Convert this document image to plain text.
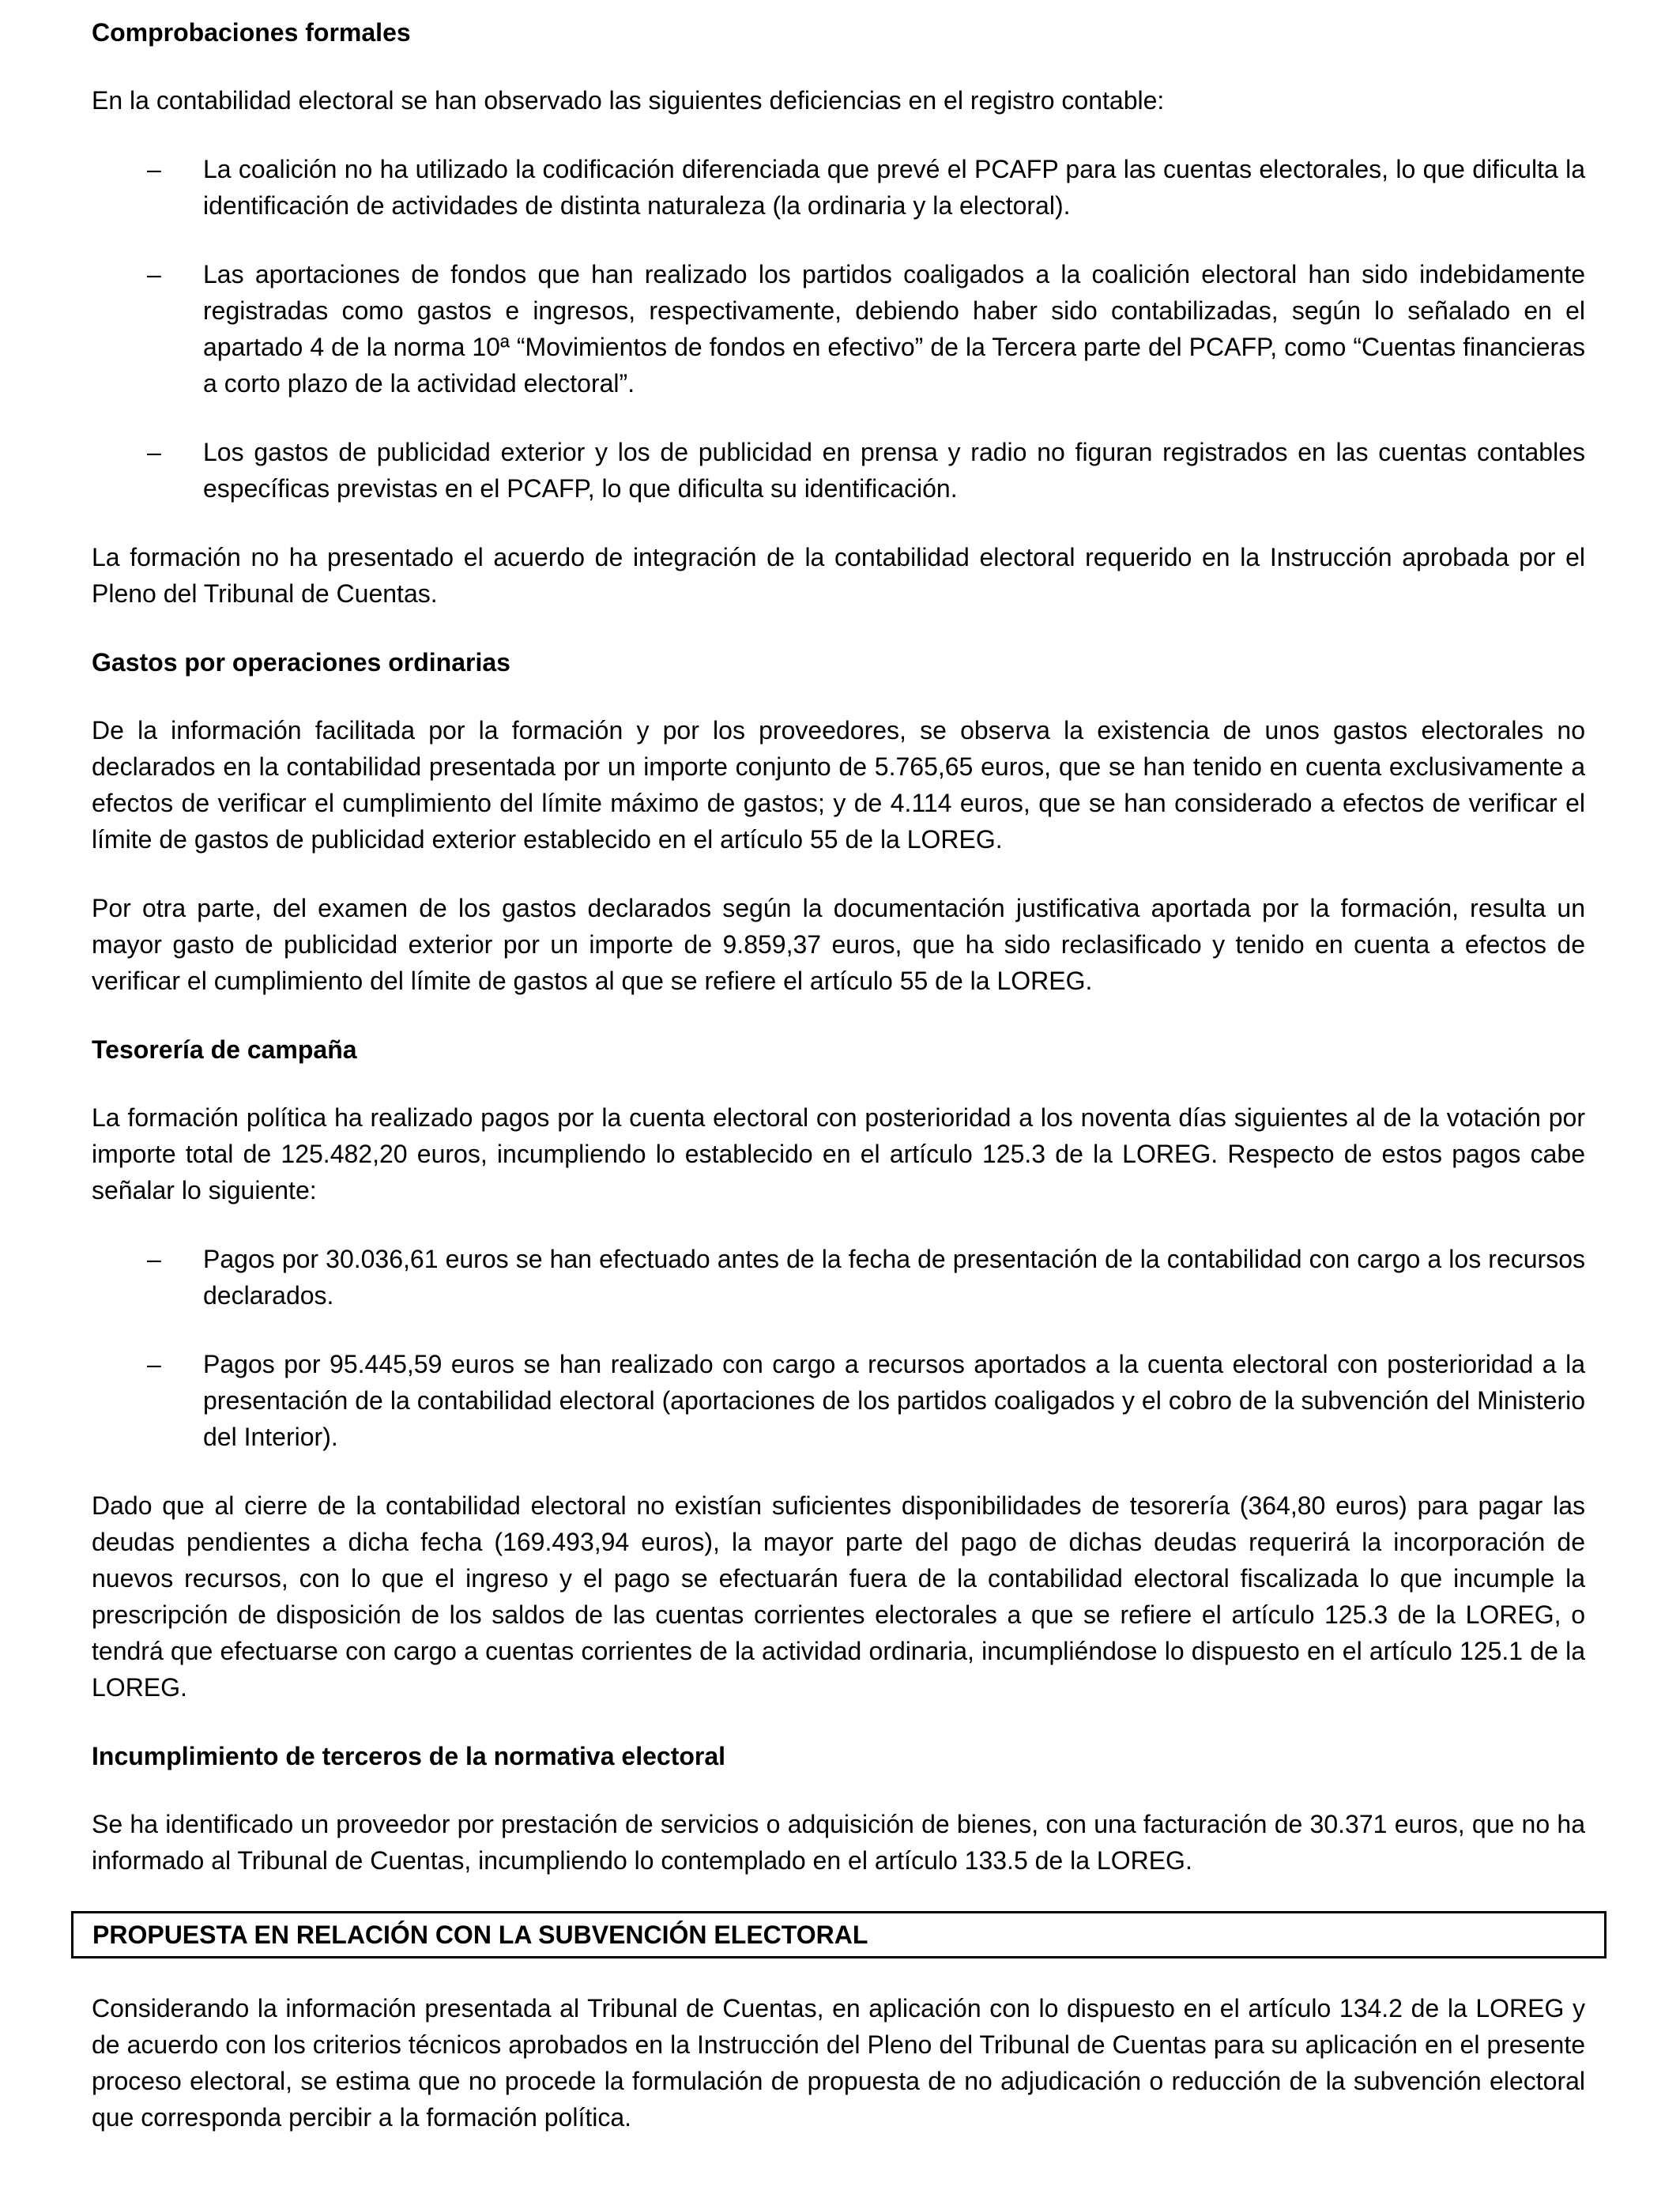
Comprobaciones formales
En la contabilidad electoral se han observado las siguientes deficiencias en el registro contable:
– La coalición no ha utilizado la codificación diferenciada que prevé el PCAFP para las cuentas electorales, lo que dificulta la identificación de actividades de distinta naturaleza (la ordinaria y la electoral).
– Las aportaciones de fondos que han realizado los partidos coaligados a la coalición electoral han sido indebidamente registradas como gastos e ingresos, respectivamente, debiendo haber sido contabilizadas, según lo señalado en el apartado 4 de la norma 10ª “Movimientos de fondos en efectivo” de la Tercera parte del PCAFP, como “Cuentas financieras a corto plazo de la actividad electoral”.
– Los gastos de publicidad exterior y los de publicidad en prensa y radio no figuran registrados en las cuentas contables específicas previstas en el PCAFP, lo que dificulta su identificación.
La formación no ha presentado el acuerdo de integración de la contabilidad electoral requerido en la Instrucción aprobada por el Pleno del Tribunal de Cuentas.
Gastos por operaciones ordinarias
De la información facilitada por la formación y por los proveedores, se observa la existencia de unos gastos electorales no declarados en la contabilidad presentada por un importe conjunto de 5.765,65 euros, que se han tenido en cuenta exclusivamente a efectos de verificar el cumplimiento del límite máximo de gastos; y de 4.114 euros, que se han considerado a efectos de verificar el límite de gastos de publicidad exterior establecido en el artículo 55 de la LOREG.
Por otra parte, del examen de los gastos declarados según la documentación justificativa aportada por la formación, resulta un mayor gasto de publicidad exterior por un importe de 9.859,37 euros, que ha sido reclasificado y tenido en cuenta a efectos de verificar el cumplimiento del límite de gastos al que se refiere el artículo 55 de la LOREG.
Tesorería de campaña
La formación política ha realizado pagos por la cuenta electoral con posterioridad a los noventa días siguientes al de la votación por importe total de 125.482,20 euros, incumpliendo lo establecido en el artículo 125.3 de la LOREG. Respecto de estos pagos cabe señalar lo siguiente:
– Pagos por 30.036,61 euros se han efectuado antes de la fecha de presentación de la contabilidad con cargo a los recursos declarados.
– Pagos por 95.445,59 euros se han realizado con cargo a recursos aportados a la cuenta electoral con posterioridad a la presentación de la contabilidad electoral (aportaciones de los partidos coaligados y el cobro de la subvención del Ministerio del Interior).
Dado que al cierre de la contabilidad electoral no existían suficientes disponibilidades de tesorería (364,80 euros) para pagar las deudas pendientes a dicha fecha (169.493,94 euros), la mayor parte del pago de dichas deudas requerirá la incorporación de nuevos recursos, con lo que el ingreso y el pago se efectuarán fuera de la contabilidad electoral fiscalizada lo que incumple la prescripción de disposición de los saldos de las cuentas corrientes electorales a que se refiere el artículo 125.3 de la LOREG, o tendrá que efectuarse con cargo a cuentas corrientes de la actividad ordinaria, incumpliéndose lo dispuesto en el artículo 125.1 de la LOREG.
Incumplimiento de terceros de la normativa electoral
Se ha identificado un proveedor por prestación de servicios o adquisición de bienes, con una facturación de 30.371 euros, que no ha informado al Tribunal de Cuentas, incumpliendo lo contemplado en el artículo 133.5 de la LOREG.
PROPUESTA EN RELACIÓN CON LA SUBVENCIÓN ELECTORAL
Considerando la información presentada al Tribunal de Cuentas, en aplicación con lo dispuesto en el artículo 134.2 de la LOREG y de acuerdo con los criterios técnicos aprobados en la Instrucción del Pleno del Tribunal de Cuentas para su aplicación en el presente proceso electoral, se estima que no procede la formulación de propuesta de no adjudicación o reducción de la subvención electoral que corresponda percibir a la formación política.
